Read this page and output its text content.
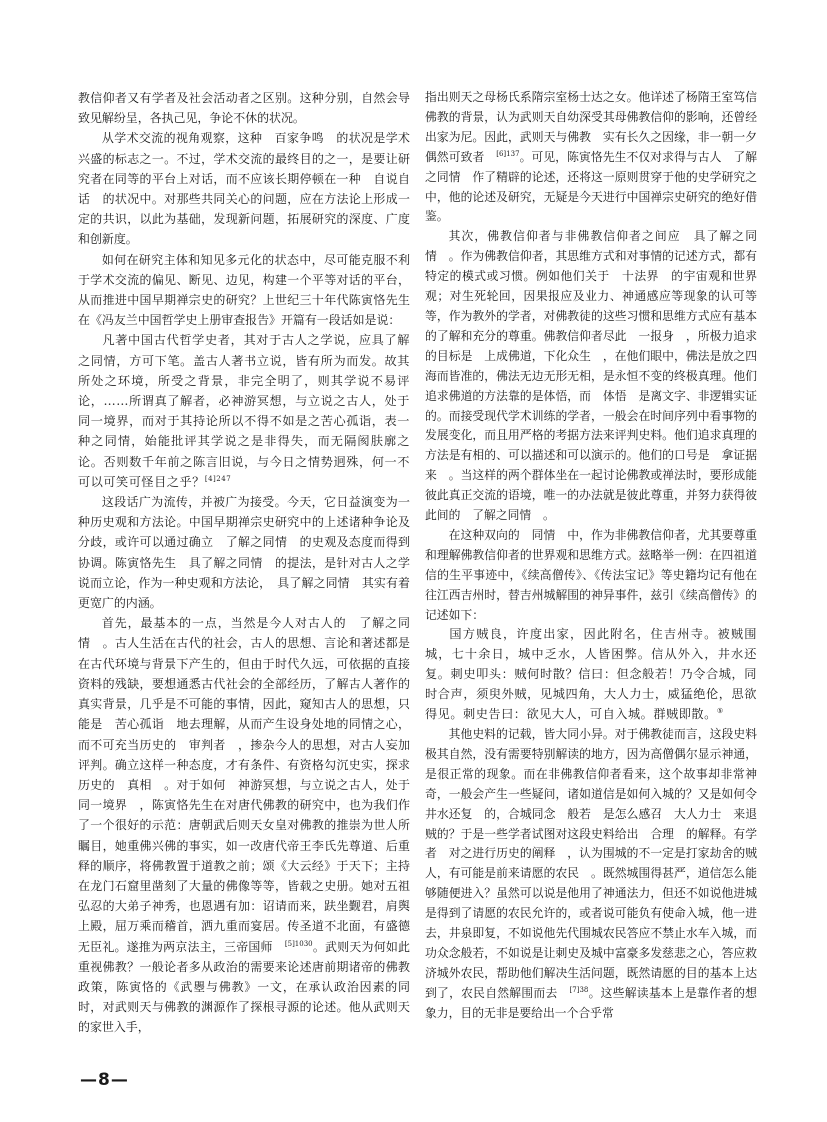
教信仰者又有学者及社会活动者之区别。这种分别，自然会导致见解纷呈，各执己见，争论不休的状况。

从学术交流的视角观察，这种　百家争鸣　的状况是学术兴盛的标志之一。不过，学术交流的最终目的之一，是要让研究者在同等的平台上对话，而不应该长期停顿在一种　自说自话　的状况中。对那些共同关心的问题，应在方法论上形成一定的共识，以此为基础，发现新问题，拓展研究的深度、广度和创新度。

如何在研究主体和知见多元化的状态中，尽可能克服不利于学术交流的偏见、断见、边见，构建一个平等对话的平台，从而推进中国早期禅宗史的研究？上世纪三十年代陈寅恪先生在《冯友兰中国哲学史上册审查报告》开篇有一段话如是说：

凡著中国古代哲学史者，其对于古人之学说，应具了解之同情，方可下笔。盖古人著书立说，皆有所为而发。故其所处之环境，所受之背景，非完全明了，则其学说不易评论，……所谓真了解者，必神游冥想，与立说之古人，处于同一境界，而对于其持论所以不得不如是之苦心孤诣，表一种之同情，始能批评其学说之是非得失，而无隔阂肤廓之论。否则数千年前之陈言旧说，与今日之情势迥殊，何一不可以可笑可怪目之乎？$^{[4]247}$

这段话广为流传，并被广为接受。今天，它日益演变为一种历史观和方法论。中国早期禅宗史研究中的上述诸种争论及分歧，或许可以通过确立　了解之同情　的史观及态度而得到协调。陈寅恪先生　具了解之同情　的提法，是针对古人之学说而立论，作为一种史观和方法论，　具了解之同情　其实有着更宽广的内涵。

首先，最基本的一点，当然是今人对古人的　了解之同情　。古人生活在古代的社会，古人的思想、言论和著述都是在古代环境与背景下产生的，但由于时代久远，可依据的直接资料的残缺，要想通悉古代社会的全部经历，了解古人著作的真实背景，几乎是不可能的事情，因此，窥知古人的思想，只能是　苦心孤诣　地去理解，从而产生设身处地的同情之心，而不可充当历史的　审判者　，掺杂今人的思想，对古人妄加评判。确立这样一种态度，才有条件、有资格勾沉史实，探求历史的　真相　。对于如何　神游冥想，与立说之古人，处于同一境界　，陈寅恪先生在对唐代佛教的研究中，也为我们作了一个很好的示范：唐朝武后则天女皇对佛教的推崇为世人所瞩目，她重佛兴佛的事实，如一改唐代帝王李氏先尊道、后重释的顺序，将佛教置于道教之前；颂《大云经》于天下；主持在龙门石窟里凿刻了大量的佛像等等，皆载之史册。她对五祖弘忍的大弟子神秀，也恩遇有加：诏请而来，趺坐觐君，肩舆上殿，屈万乘而稽首，洒九重而宴居。传圣道不北面，有盛德无臣礼。遂推为两京法主，三帝国师　$^{[5]1030}$。武则天为何如此重视佛教？一般论者多从政治的需要来论述唐前期诸帝的佛教政策，陈寅恪的《武瞾与佛教》一文，在承认政治因素的同时，对武则天与佛教的渊源作了探根寻源的论述。他从武则天的家世入手，

指出则天之母杨氏系隋宗室杨士达之女。他详述了杨隋王室笃信佛教的背景，认为武则天自幼深受其母佛教信仰的影响，还曾经出家为尼。因此，武则天与佛教　实有长久之因缘，非一朝一夕偶然可致者　$^{[6]137}$。可见，陈寅恪先生不仅对求得与古人　了解之同情　作了精辟的论述，还将这一原则贯穿于他的史学研究之中，他的论述及研究，无疑是今天进行中国禅宗史研究的绝好借鉴。

其次，佛教信仰者与非佛教信仰者之间应　具了解之同情　。作为佛教信仰者，其思维方式和对事情的记述方式，都有特定的模式或习惯。例如他们关于　十法界　的宇宙观和世界观；对生死轮回，因果报应及业力、神通感应等现象的认可等等，作为教外的学者，对佛教徒的这些习惯和思维方式应有基本的了解和充分的尊重。佛教信仰者尽此　一报身　，所极力追求的目标是　上成佛道，下化众生　，在他们眼中，佛法是放之四海而皆准的，佛法无边无形无相，是永恒不变的终极真理。他们追求佛道的方法靠的是体悟，而　体悟　是离文字、非逻辑实证的。而接受现代学术训练的学者，一般会在时间序列中看事物的发展变化，而且用严格的考据方法来评判史料。他们追求真理的方法是有相的、可以描述和可以演示的。他们的口号是　拿证据来　。当这样的两个群体坐在一起讨论佛教或禅法时，要形成能彼此真正交流的语境，唯一的办法就是彼此尊重，并努力获得彼此间的　了解之同情　。

在这种双向的　同情　中，作为非佛教信仰者，尤其要尊重和理解佛教信仰者的世界观和思维方式。兹略举一例：在四祖道信的生平事迹中，《续高僧传》、《传法宝记》等史籍均记有他在往江西吉州时，替吉州城解围的神异事件，兹引《续高僧传》的记述如下：

国方贼良，许度出家，因此附名，住吉州寺。被贼围城，七十余日，城中乏水，人皆困弊。信从外入，井水还复。刺史叩头：贼何时散？信曰：但念般若！乃令合城，同时合声，须臾外贼，见城四角，大人力士，威猛绝伦，思欲得见。刺史告曰：欲见大人，可自入城。群贼即散。⑤

其他史料的记载，皆大同小异。对于佛教徒而言，这段史料极其自然，没有需要特别解读的地方，因为高僧偶尔显示神通，是很正常的现象。而在非佛教信仰者看来，这个故事却非常神奇，一般会产生一些疑问，诸如道信是如何入城的？又是如何令　井水还复　的，合城同念　般若　是怎么感召　大人力士　来退贼的？于是一些学者试图对这段史料给出　合理　的解释。有学者　对之进行历史的阐释　，认为围城的不一定是打家劫舍的贼人，有可能是前来请愿的农民　。既然城围得甚严，道信怎么能够随便进入？虽然可以说是他用了神通法力，但还不如说他进城是得到了请愿的农民允许的，或者说可能负有使命入城，他一进去，井泉即复，不如说他先代围城农民答应不禁止水车入城，而功众念般若，不如说是让刺史及城中富豪多发慈悲之心，答应救济城外农民，帮助他们解决生活问题，既然请愿的目的基本上达到了，农民自然解围而去　$^{[7]38}$。这些解读基本上是靠作者的想象力，目的无非是要给出一个合乎常

—8—
